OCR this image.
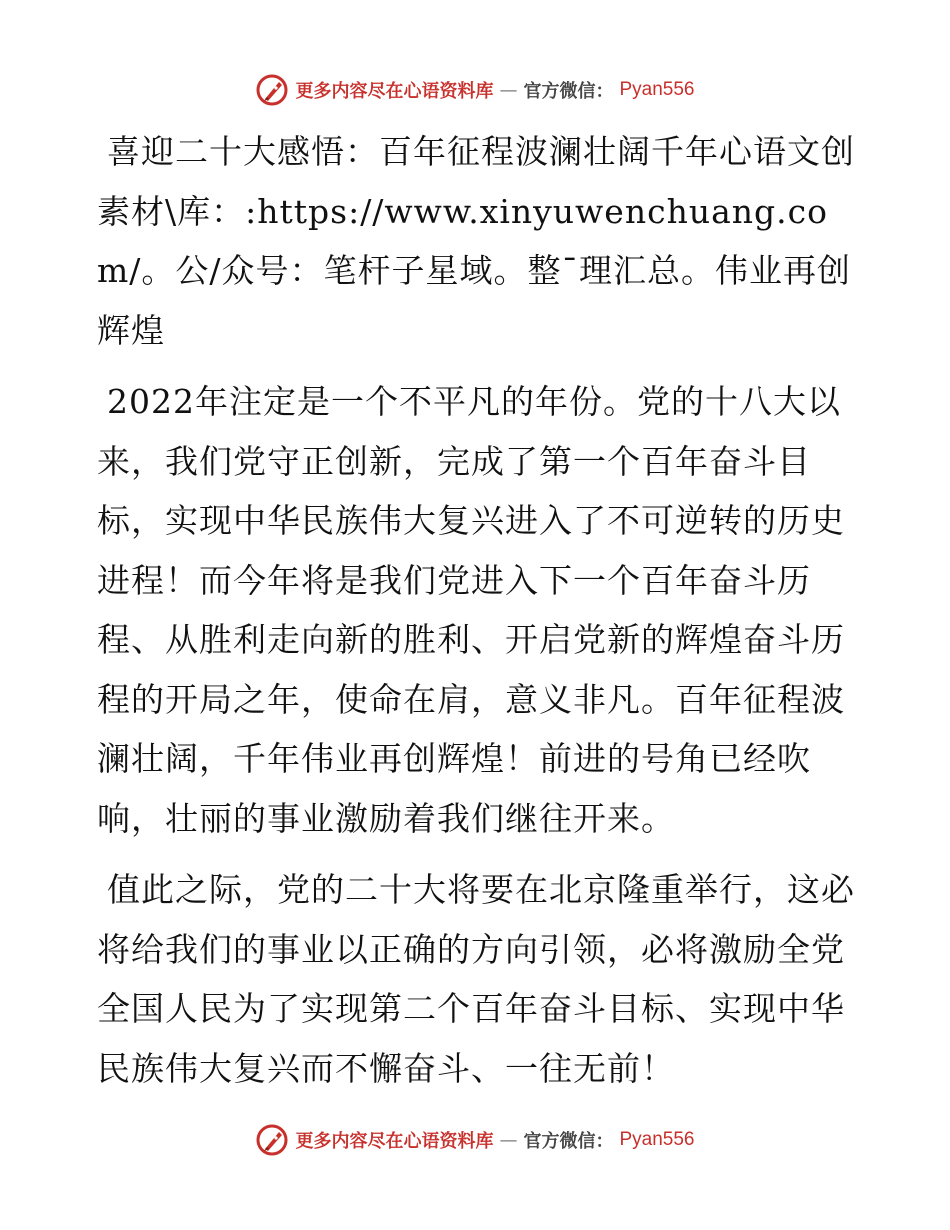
更多内容尽在心语资料库 — 官方微信： Pyan556

喜迎二十大感悟：百年征程波澜壮阔千年心语文创素材\库：:https://www.xinyuwenchuang.com/。公/众号：笔杆子星域。整¯理汇总。伟业再创辉煌

2022年注定是一个不平凡的年份。党的十八大以来，我们党守正创新，完成了第一个百年奋斗目标，实现中华民族伟大复兴进入了不可逆转的历史进程！而今年将是我们党进入下一个百年奋斗历程、从胜利走向新的胜利、开启党新的辉煌奋斗历程的开局之年，使命在肩，意义非凡。百年征程波澜壮阔，千年伟业再创辉煌！前进的号角已经吹响，壮丽的事业激励着我们继往开来。

值此之际，党的二十大将要在北京隆重举行，这必将给我们的事业以正确的方向引领，必将激励全党全国人民为了实现第二个百年奋斗目标、实现中华民族伟大复兴而不懈奋斗、一往无前！

更多内容尽在心语资料库 — 官方微信： Pyan556
